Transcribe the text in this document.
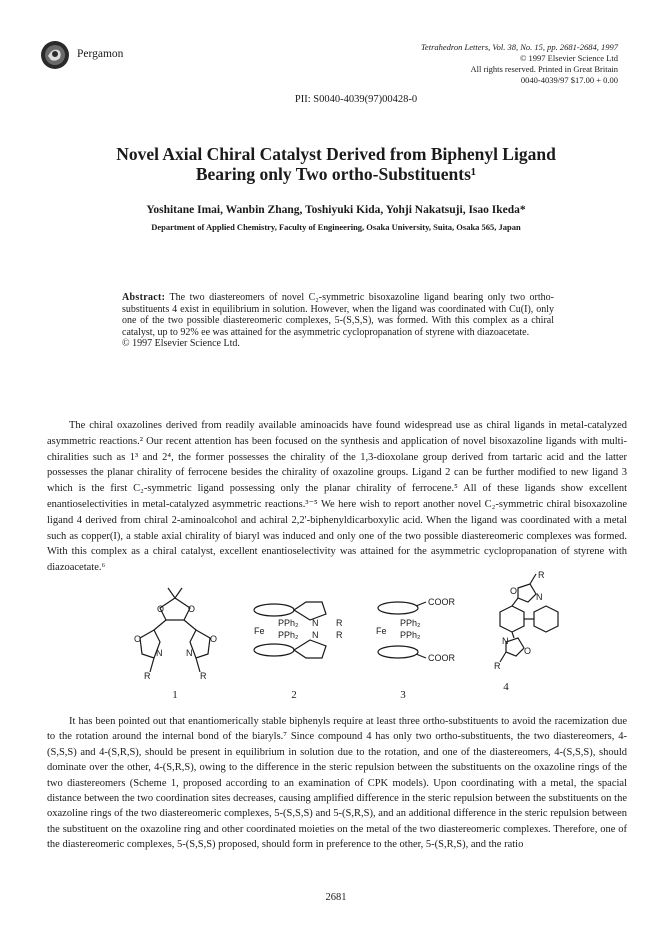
Pergamon
Tetrahedron Letters, Vol. 38, No. 15, pp. 2681-2684, 1997
© 1997 Elsevier Science Ltd
All rights reserved. Printed in Great Britain
0040-4039/97 $17.00 + 0.00
PII: S0040-4039(97)00428-0
Novel Axial Chiral Catalyst Derived from Biphenyl Ligand
Bearing only Two ortho-Substituents¹
Yoshitane Imai, Wanbin Zhang, Toshiyuki Kida, Yohji Nakatsuji, Isao Ikeda*
Department of Applied Chemistry, Faculty of Engineering, Osaka University, Suita, Osaka 565, Japan
Abstract: The two diastereomers of novel C₂-symmetric bisoxazoline ligand bearing only two ortho-substituents 4 exist in equilibrium in solution. However, when the ligand was coordinated with Cu(I), only one of the two possible diastereomeric complexes, 5-(S,S,S), was formed. With this complex as a chiral catalyst, up to 92% ee was attained for the asymmetric cyclopropanation of styrene with diazoacetate.
© 1997 Elsevier Science Ltd.
The chiral oxazolines derived from readily available aminoacids have found widespread use as chiral ligands in metal-catalyzed asymmetric reactions.² Our recent attention has been focused on the synthesis and application of novel bisoxazoline ligands with multi-chiralities such as 1³ and 2⁴, the former possesses the chirality of the 1,3-dioxolane group derived from tartaric acid and the latter possesses the planar chirality of ferrocene besides the chirality of oxazoline groups. Ligand 2 can be further modified to new ligand 3 which is the first C₂-symmetric ligand possessing only the planar chirality of ferrocene.⁵ All of these ligands show excellent enantioselectivities in metal-catalyzed asymmetric reactions.³⁻⁵ We here wish to report another novel C₂-symmetric chiral bisoxazoline ligand 4 derived from chiral 2-aminoalcohol and achiral 2,2'-biphenyldicarboxylic acid. When the ligand was coordinated with a metal such as copper(I), a stable axial chirality of biaryl was induced and only one of the two possible diastereomeric complexes was formed. With this complex as a chiral catalyst, excellent enantioselectivity was attained for the asymmetric cyclopropanation of styrene with diazoacetate.⁶
O	O
O	O
N	N
R	R
1
Fe
PPh₂
PPh₂
N
N
R
R
2
COOR
COOR
Fe
PPh₂
PPh₂
3
R
N
O
N
O
R
4
It has been pointed out that enantiomerically stable biphenyls require at least three ortho-substituents to avoid the racemization due to the rotation around the internal bond of the biaryls.⁷ Since compound 4 has only two ortho-substituents, the two diastereomers, 4-(S,S,S) and 4-(S,R,S), should be present in equilibrium in solution due to the rotation, and one of the diastereomers, 4-(S,S,S), should dominate over the other, 4-(S,R,S), owing to the difference in the steric repulsion between the substituents on the oxazoline rings of the two diastereomers (Scheme 1, proposed according to an examination of CPK models). Upon coordinating with a metal, the spacial distance between the two coordination sites decreases, causing amplified difference in the steric repulsion between the substituents on the oxazoline rings of the two diastereomeric complexes, 5-(S,S,S) and 5-(S,R,S), and an additional difference in the steric repulsion between the substituent on the oxazoline ring and other coordinated moieties on the metal of the two diastereomeric complexes. Therefore, one of the diastereomeric complexes, 5-(S,S,S) proposed, should form in preference to the other, 5-(S,R,S), and the ratio
2681
